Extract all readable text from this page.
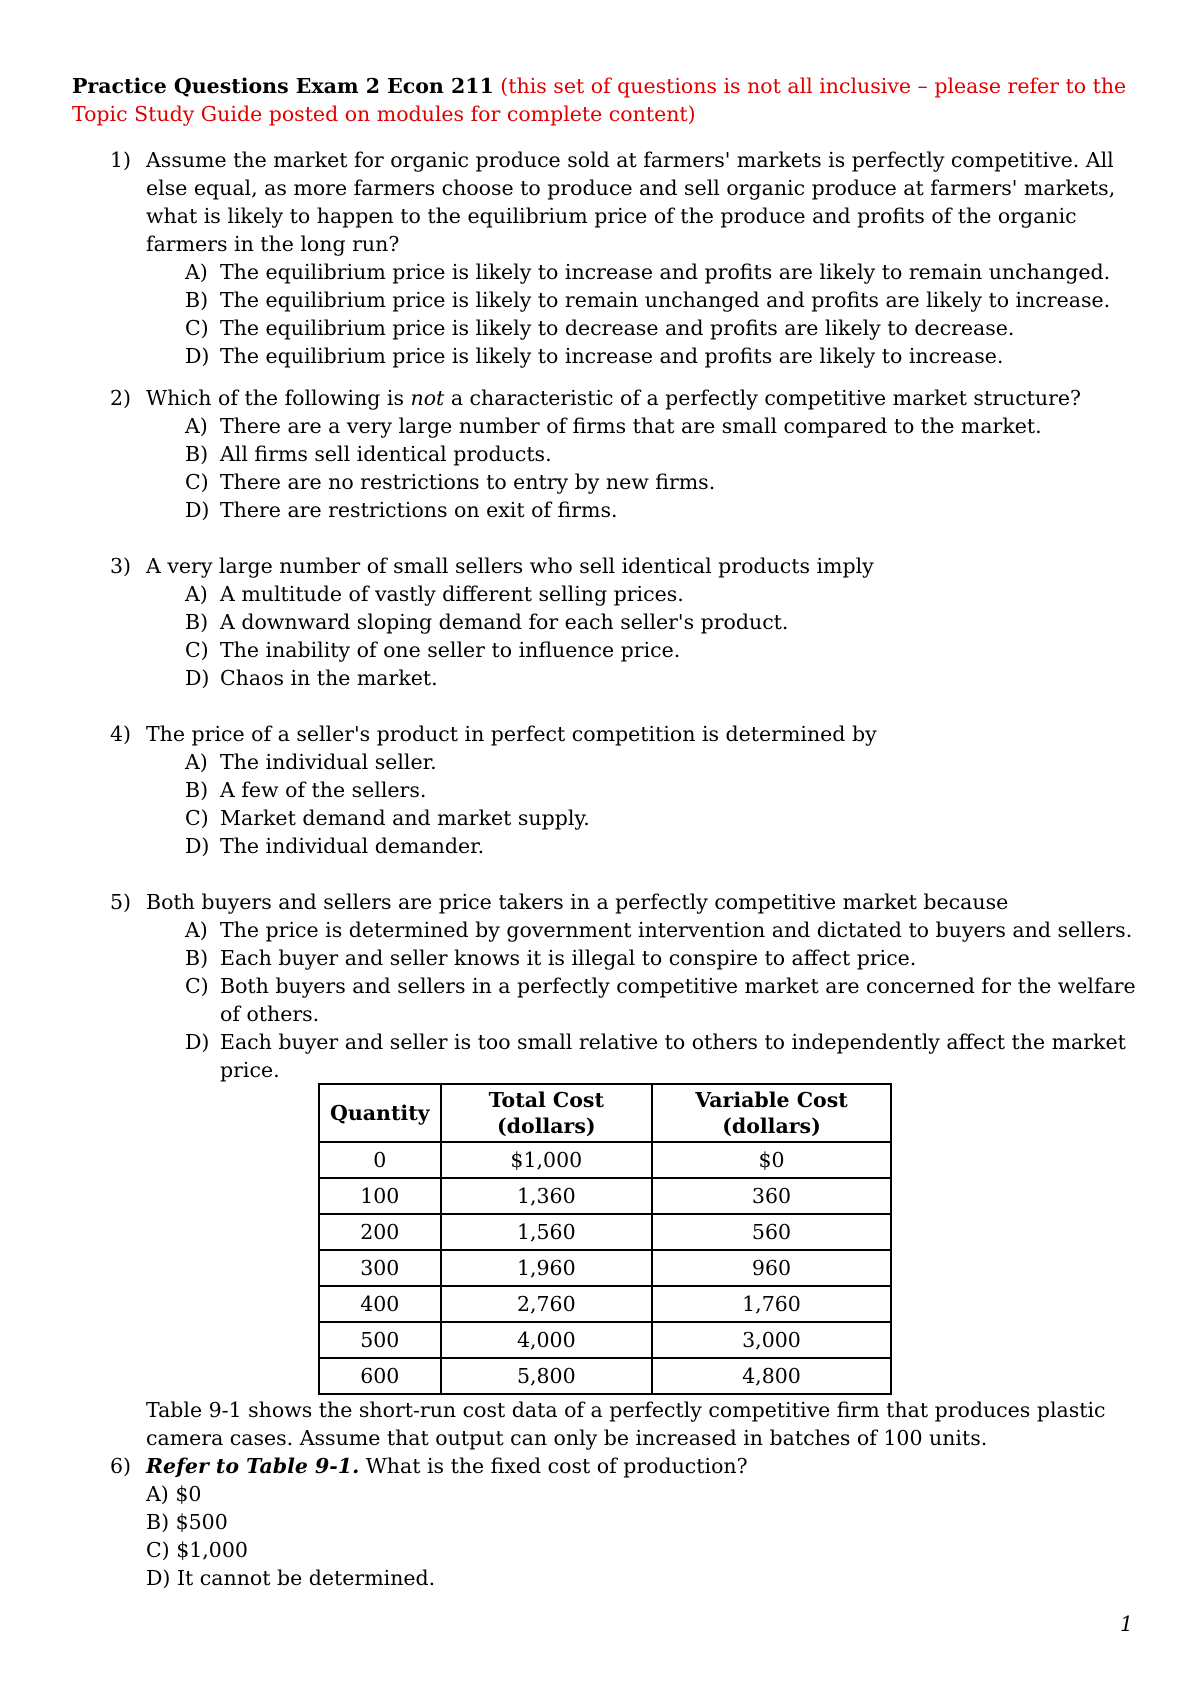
Practice Questions Exam 2 Econ 211 (this set of questions is not all inclusive – please refer to the Topic Study Guide posted on modules for complete content)
1) Assume the market for organic produce sold at farmers' markets is perfectly competitive. All else equal, as more farmers choose to produce and sell organic produce at farmers' markets, what is likely to happen to the equilibrium price of the produce and profits of the organic farmers in the long run?
A) The equilibrium price is likely to increase and profits are likely to remain unchanged.
B) The equilibrium price is likely to remain unchanged and profits are likely to increase.
C) The equilibrium price is likely to decrease and profits are likely to decrease.
D) The equilibrium price is likely to increase and profits are likely to increase.
2) Which of the following is not a characteristic of a perfectly competitive market structure?
A) There are a very large number of firms that are small compared to the market.
B) All firms sell identical products.
C) There are no restrictions to entry by new firms.
D) There are restrictions on exit of firms.
3) A very large number of small sellers who sell identical products imply
A) A multitude of vastly different selling prices.
B) A downward sloping demand for each seller's product.
C) The inability of one seller to influence price.
D) Chaos in the market.
4) The price of a seller's product in perfect competition is determined by
A) The individual seller.
B) A few of the sellers.
C) Market demand and market supply.
D) The individual demander.
5) Both buyers and sellers are price takers in a perfectly competitive market because
A) The price is determined by government intervention and dictated to buyers and sellers.
B) Each buyer and seller knows it is illegal to conspire to affect price.
C) Both buyers and sellers in a perfectly competitive market are concerned for the welfare of others.
D) Each buyer and seller is too small relative to others to independently affect the market price.
Quantity	Total Cost (dollars)	Variable Cost (dollars)
0	$1,000	$0
100	1,360	360
200	1,560	560
300	1,960	960
400	2,760	1,760
500	4,000	3,000
600	5,800	4,800
Table 9-1 shows the short-run cost data of a perfectly competitive firm that produces plastic camera cases. Assume that output can only be increased in batches of 100 units.
6) Refer to Table 9-1. What is the fixed cost of production?
A) $0
B) $500
C) $1,000
D) It cannot be determined.
1
